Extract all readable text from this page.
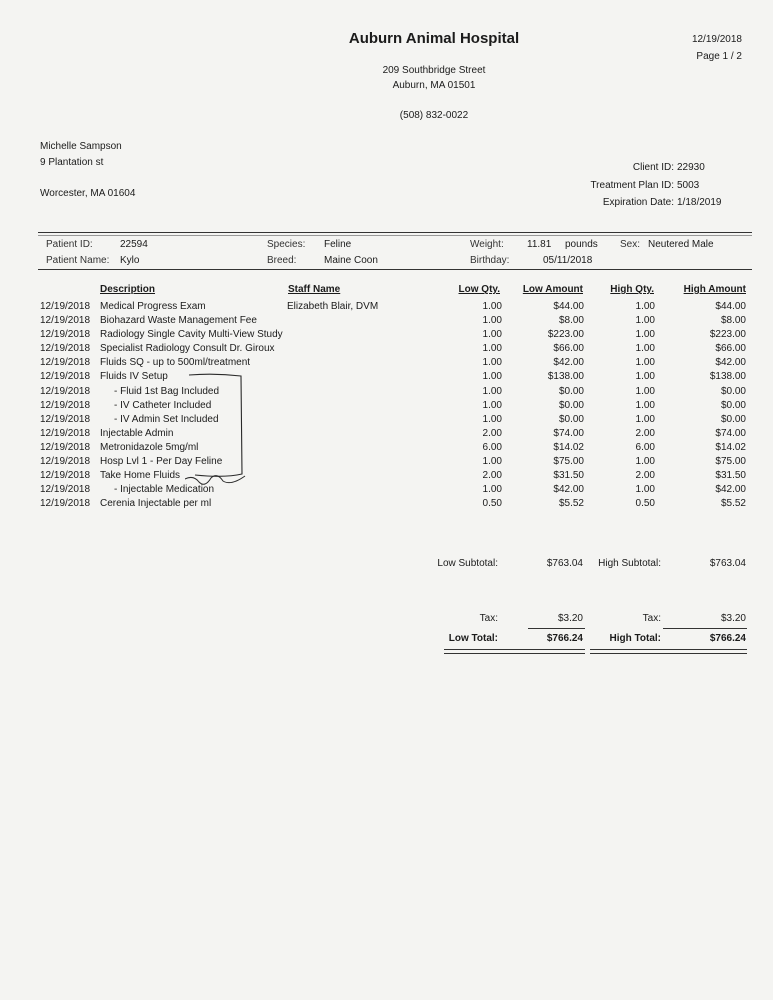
Auburn Animal Hospital
209 Southbridge Street
Auburn, MA 01501
(508) 832-0022
12/19/2018
Page 1 / 2
Michelle Sampson
9 Plantation st
Worcester, MA 01604
Client ID: 22930
Treatment Plan ID: 5003
Expiration Date: 1/18/2019
Patient ID:	22594
Patient Name: Kylo
Species: Feline
Breed:	Maine Coon
Weight: 11.81 pounds
Birthday:	05/11/2018
Sex: Neutered Male
Description	Staff Name	Low Qty. Low Amount	High Qty.	High Amount
12/19/2018	Medical Progress Exam	Elizabeth Blair, DVM	1.00	$44.00	1.00	$44.00
12/19/2018	Biohazard Waste Management Fee		1.00	$8.00	1.00	$8.00
12/19/2018	Radiology Single Cavity Multi-View Study		1.00	$223.00	1.00	$223.00
12/19/2018	Specialist Radiology Consult Dr. Giroux		1.00	$66.00	1.00	$66.00
12/19/2018	Fluids SQ - up to 500ml/treatment		1.00	$42.00	1.00	$42.00
12/19/2018	Fluids IV Setup		1.00	$138.00	1.00	$138.00
12/19/2018	- Fluid 1st Bag Included		1.00	$0.00	1.00	$0.00
12/19/2018	- IV Catheter Included		1.00	$0.00	1.00	$0.00
12/19/2018	- IV Admin Set Included		1.00	$0.00	1.00	$0.00
12/19/2018	Injectable Admin		2.00	$74.00	2.00	$74.00
12/19/2018	Metronidazole 5mg/ml		6.00	$14.02	6.00	$14.02
12/19/2018	Hosp Lvl 1 - Per Day Feline		1.00	$75.00	1.00	$75.00
12/19/2018	Take Home Fluids		2.00	$31.50	2.00	$31.50
12/19/2018	- Injectable Medication		1.00	$42.00	1.00	$42.00
12/19/2018	Cerenia Injectable per ml		0.50	$5.52	0.50	$5.52
Low Subtotal:	$763.04 High Subtotal:	$763.04
Tax:	$3.20	Tax:	$3.20
Low Total:	$766.24	High Total:	$766.24
